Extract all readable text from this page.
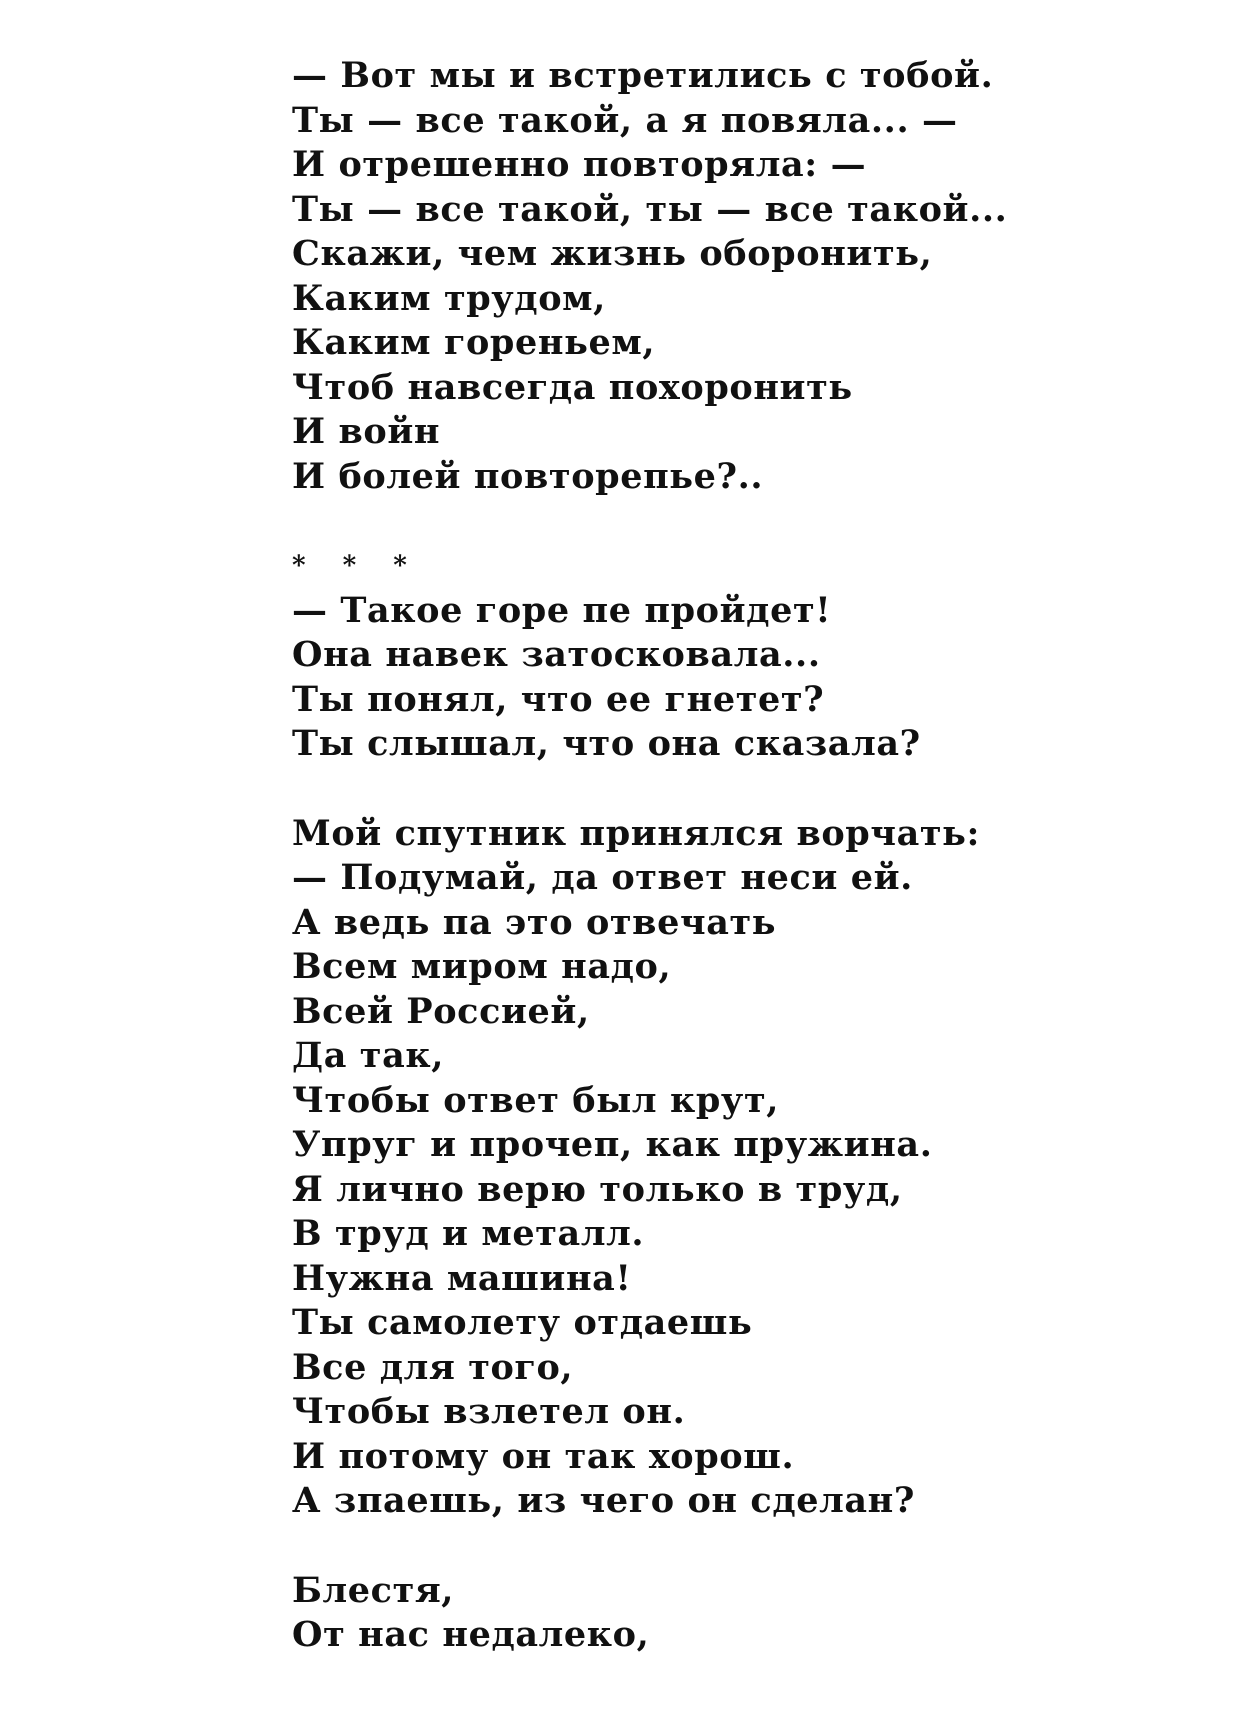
— Вот мы и встретились с тобой.
Ты — все такой, а я повяла... —
И отрешенно повторяла: —
Ты — все такой, ты — все такой...
Скажи, чем жизнь оборонить,
Каким трудом,
Каким гореньем,
Чтоб навсегда похоронить
И войн
И болей повторепье?..
* * *
— Такое горе пе пройдет!
Она навек затосковала...
Ты понял, что ее гнетет?
Ты слышал, что она сказала?
Мой спутник принялся ворчать:
— Подумай, да ответ неси ей.
А ведь па это отвечать
Всем миром надо,
Всей Россией,
Да так,
Чтобы ответ был крут,
Упруг и прочеп, как пружина.
Я лично верю только в труд,
В труд и металл.
Нужна машина!
Ты самолету отдаешь
Все для того,
Чтобы взлетел он.
И потому он так хорош.
А зпаешь, из чего он сделан?
Блестя,
От нас недалеко,
